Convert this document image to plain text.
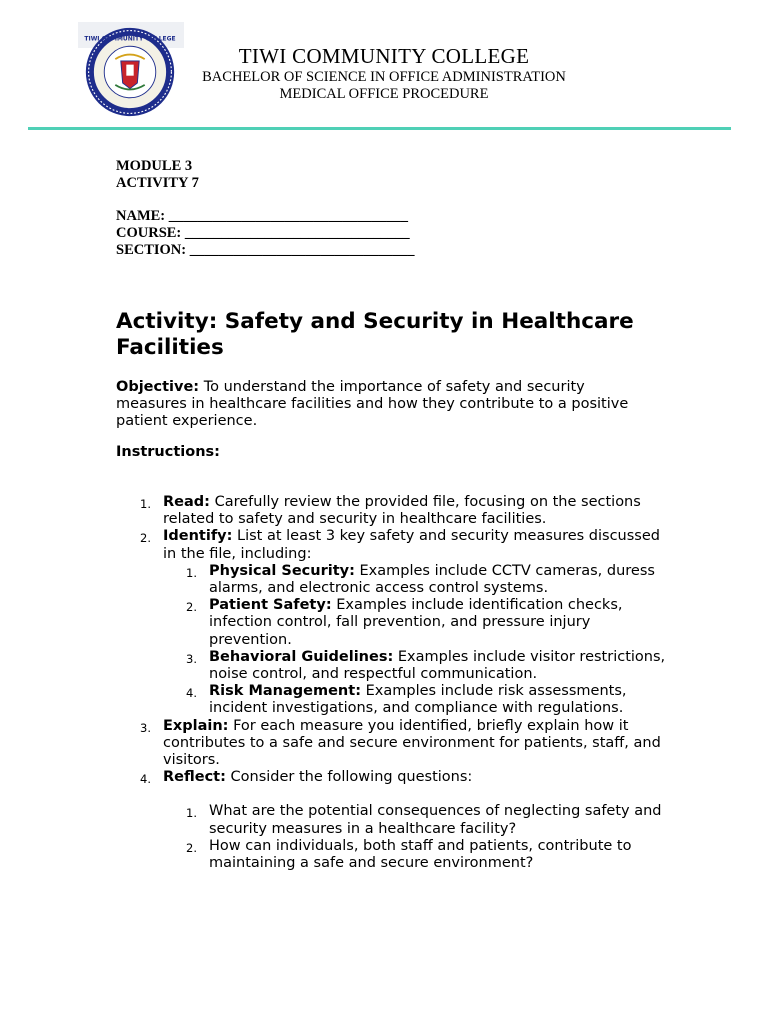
TIWI COMMUNITY COLLEGE
TIWI COMMUNITY COLLEGE
BACHELOR OF SCIENCE IN OFFICE ADMINISTRATION
MEDICAL OFFICE PROCEDURE
MODULE 3
ACTIVITY 7
NAME: _________________________________
COURSE: _______________________________
SECTION: _______________________________
Activity: Safety and Security in Healthcare Facilities
Objective: To understand the importance of safety and security measures in healthcare facilities and how they contribute to a positive patient experience.
Instructions:
1. Read: Carefully review the provided file, focusing on the sections related to safety and security in healthcare facilities.
2. Identify: List at least 3 key safety and security measures discussed in the file, including:
1. Physical Security: Examples include CCTV cameras, duress alarms, and electronic access control systems.
2. Patient Safety: Examples include identification checks, infection control, fall prevention, and pressure injury prevention.
3. Behavioral Guidelines: Examples include visitor restrictions, noise control, and respectful communication.
4. Risk Management: Examples include risk assessments, incident investigations, and compliance with regulations.
3. Explain: For each measure you identified, briefly explain how it contributes to a safe and secure environment for patients, staff, and visitors.
4. Reflect: Consider the following questions:
1. What are the potential consequences of neglecting safety and security measures in a healthcare facility?
2. How can individuals, both staff and patients, contribute to maintaining a safe and secure environment?
